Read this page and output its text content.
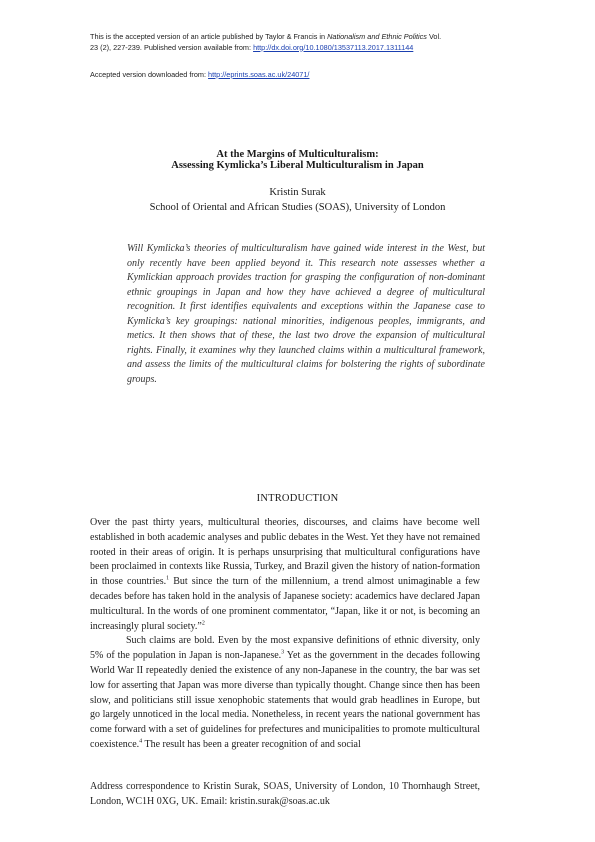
This is the accepted version of an article published by Taylor & Francis in Nationalism and Ethnic Politics Vol.
23 (2), 227-239. Published version available from: http://dx.doi.org/10.1080/13537113.2017.1311144
Accepted version downloaded from: http://eprints.soas.ac.uk/24071/
At the Margins of Multiculturalism:
Assessing Kymlicka’s Liberal Multiculturalism in Japan
Kristin Surak
School of Oriental and African Studies (SOAS), University of London
Will Kymlicka’s theories of multiculturalism have gained wide interest in the West, but only recently have been applied beyond it. This research note assesses whether a Kymlickian approach provides traction for grasping the configuration of non-dominant ethnic groupings in Japan and how they have achieved a degree of multicultural recognition. It first identifies equivalents and exceptions within the Japanese case to Kymlicka’s key groupings: national minorities, indigenous peoples, immigrants, and metics. It then shows that of these, the last two drove the expansion of multicultural rights. Finally, it examines why they launched claims within a multicultural framework, and assess the limits of the multicultural claims for bolstering the rights of subordinate groups.
INTRODUCTION

Over the past thirty years, multicultural theories, discourses, and claims have become well established in both academic analyses and public debates in the West. Yet they have not remained rooted in their areas of origin. It is perhaps unsurprising that multicultural configurations have been proclaimed in contexts like Russia, Turkey, and Brazil given the history of nation-formation in those countries.$^1$ But since the turn of the millennium, a trend almost unimaginable a few decades before has taken hold in the analysis of Japanese society: academics have declared Japan multicultural. In the words of one prominent commentator, “Japan, like it or not, is becoming an increasingly plural society.”$^2$

Such claims are bold. Even by the most expansive definitions of ethnic diversity, only 5% of the population in Japan is non-Japanese.$^3$ Yet as the government in the decades following World War II repeatedly denied the existence of any non-Japanese in the country, the bar was set low for asserting that Japan was more diverse than typically thought. Change since then has been slow, and politicians still issue xenophobic statements that would grab headlines in Europe, but go largely unnoticed in the local media. Nonetheless, in recent years the national government has come forward with a set of guidelines for prefectures and municipalities to promote multicultural coexistence.$^4$ The result has been a greater recognition of and social

Address correspondence to Kristin Surak, SOAS, University of London, 10 Thornhaugh Street, London, WC1H 0XG, UK. Email: kristin.surak@soas.ac.uk
